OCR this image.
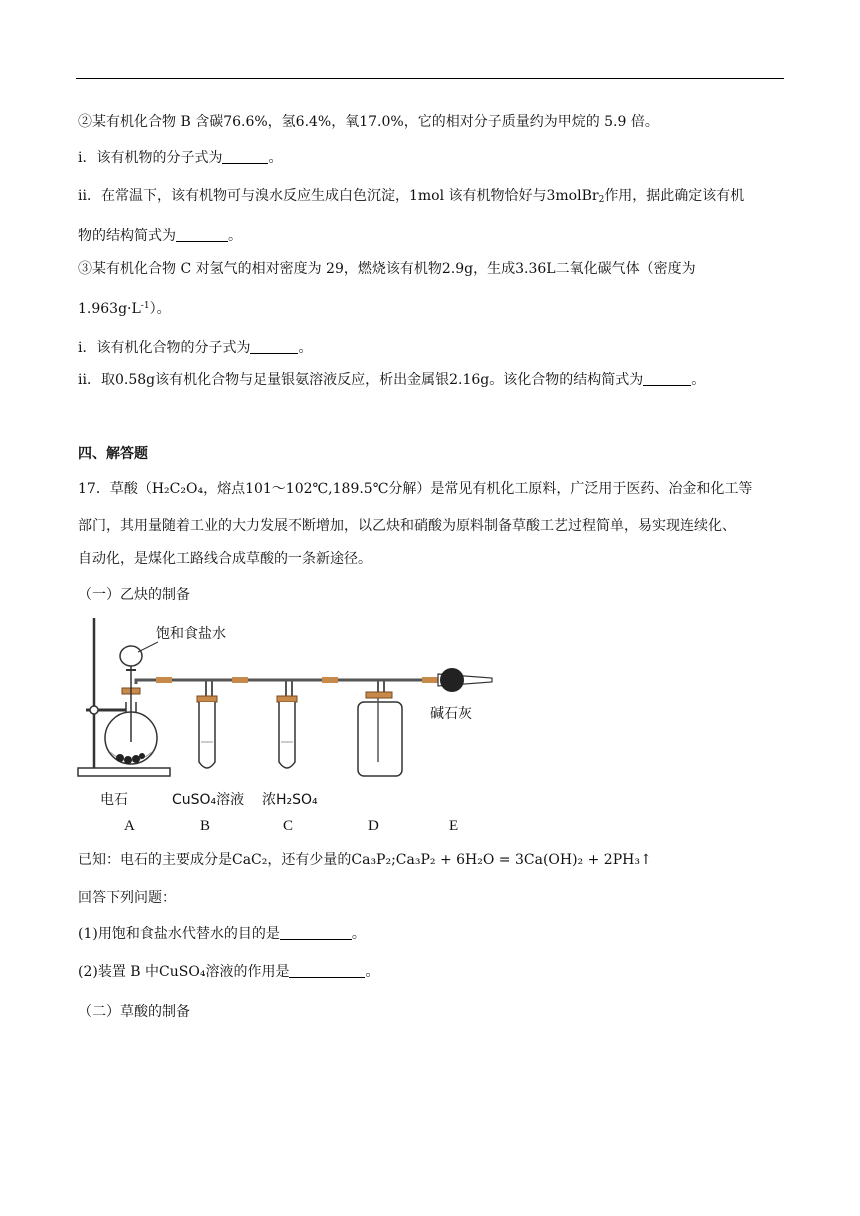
②某有机化合物 B 含碳76.6%，氢6.4%，氧17.0%，它的相对分子质量约为甲烷的 5.9 倍。
i．该有机物的分子式为	。
ii．在常温下，该有机物可与溴水反应生成白色沉淀，1mol 该有机物恰好与3molBr$_2$作用，据此确定该有机
物的结构简式为	。
③某有机化合物 C 对氢气的相对密度为 29，燃烧该有机物2.9g，生成3.36L二氧化碳气体（密度为
$1.963g\cdot L^{-1}$）。
i．该有机化合物的分子式为	。
ii．取0.58g该有机化合物与足量银氨溶液反应，析出金属银2.16g。该化合物的结构简式为	。
四、解答题
17．草酸（H₂C₂O₄，熔点101～102℃,189.5℃分解）是常见有机化工原料，广泛用于医药、冶金和化工等
部门，其用量随着工业的大力发展不断增加，以乙炔和硝酸为原料制备草酸工艺过程简单，易实现连续化、
自动化，是煤化工路线合成草酸的一条新途径。
（一）乙炔的制备
饱和食盐水
碱石灰
电石	CuSO₄溶液 浓H₂SO₄
A	B	C	D	E
已知：电石的主要成分是CaC₂，还有少量的Ca₃P₂;Ca₃P₂ + 6H₂O = 3Ca(OH)₂ + 2PH₃↑
回答下列问题：
(1)用饱和食盐水代替水的目的是	。
(2)装置 B 中CuSO₄溶液的作用是	。
（二）草酸的制备
